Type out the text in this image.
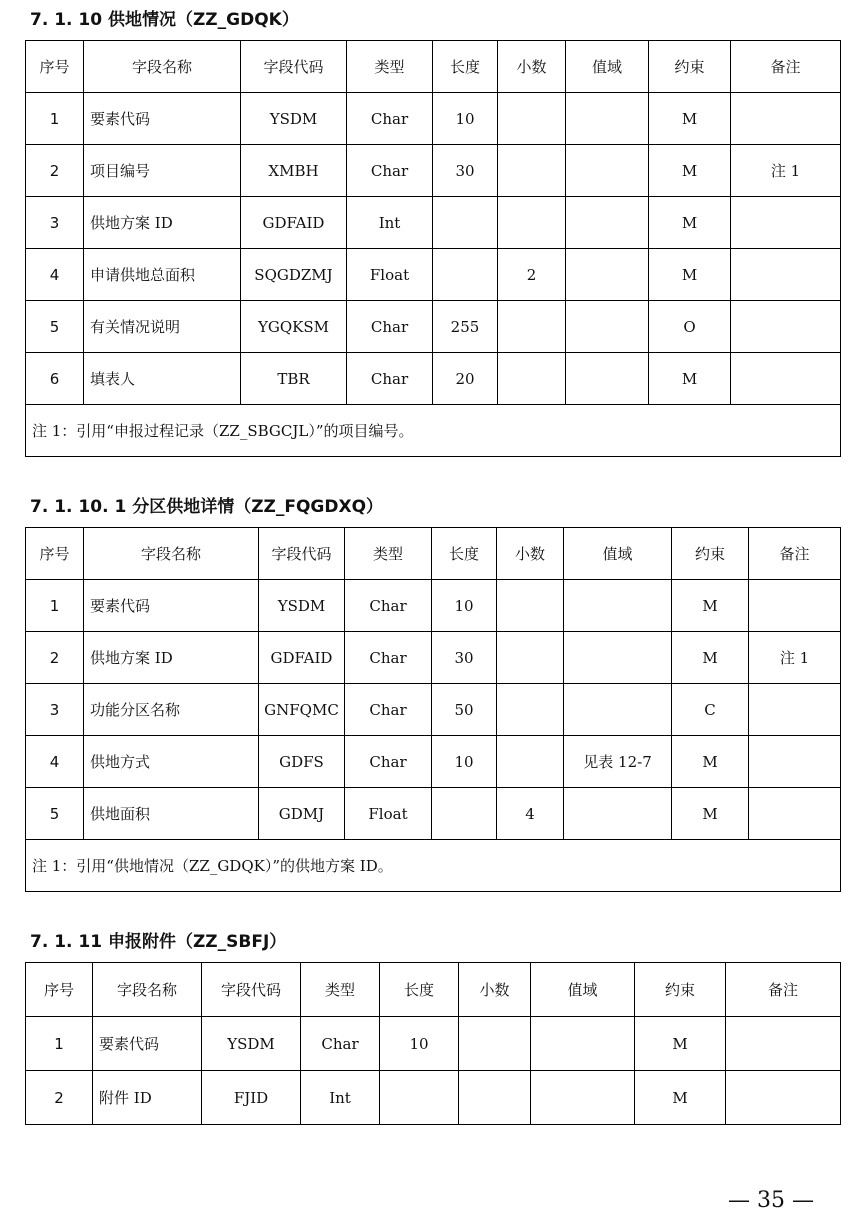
7. 1. 10 供地情况（ZZ_GDQK）
序号	字段名称	字段代码	类型	长度	小数	值域	约束	备注
1	要素代码	YSDM	Char	10			M	
2	项目编号	XMBH	Char	30			M	注 1
3	供地方案 ID	GDFAID	Int				M	
4	申请供地总面积	SQGDZMJ	Float		2		M	
5	有关情况说明	YGQKSM	Char	255			O	
6	填表人	TBR	Char	20			M	
注 1：引用“申报过程记录（ZZ_SBGCJL）”的项目编号。								
7. 1. 10. 1 分区供地详情（ZZ_FQGDXQ）
序号	字段名称	字段代码	类型	长度	小数	值域	约束	备注
1	要素代码	YSDM	Char	10			M	
2	供地方案 ID	GDFAID	Char	30			M	注 1
3	功能分区名称	GNFQMC	Char	50			C	
4	供地方式	GDFS	Char	10		见表 12-7	M	
5	供地面积	GDMJ	Float		4		M	
注 1：引用“供地情况（ZZ_GDQK）”的供地方案 ID。								
7. 1. 11 申报附件（ZZ_SBFJ）
序号	字段名称	字段代码	类型	长度	小数	值域	约束	备注
1	要素代码	YSDM	Char	10			M	
2	附件 ID	FJID	Int				M	
— 35 —
